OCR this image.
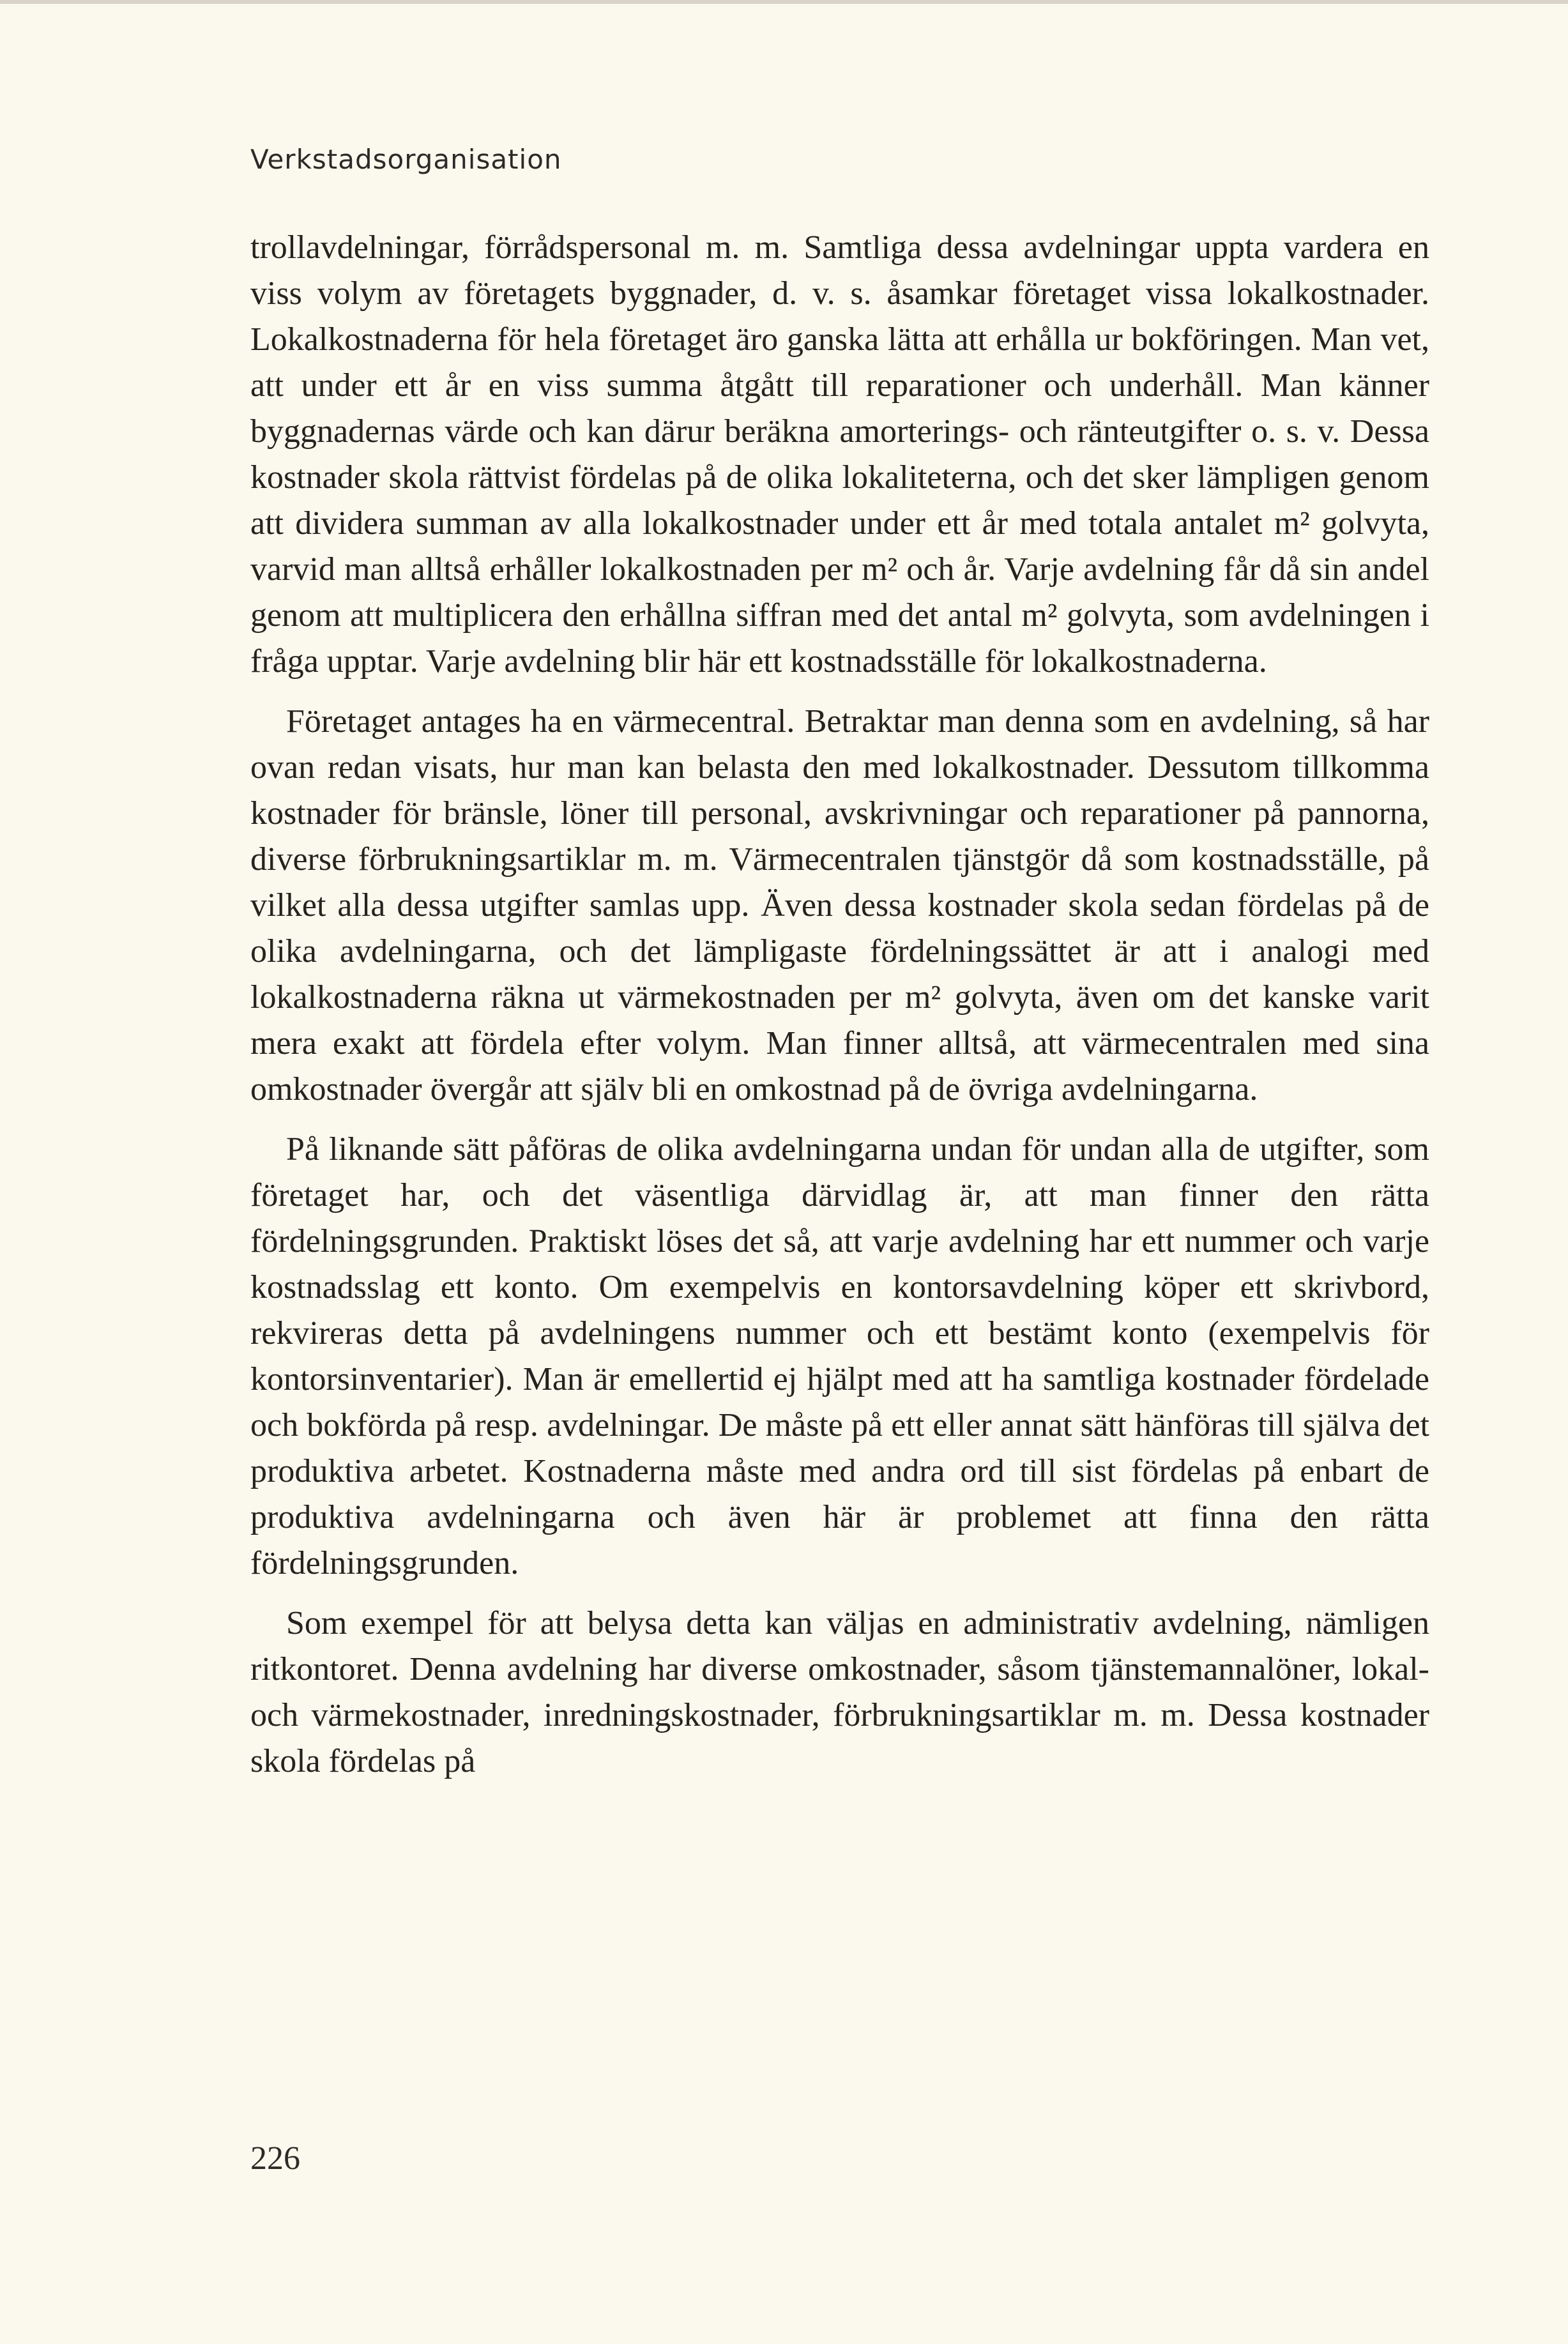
Verkstadsorganisation

trollavdelningar, förrådspersonal m. m. Samtliga dessa avdelningar uppta vardera en viss volym av företagets byggnader, d. v. s. åsamkar företaget vissa lokalkostnader. Lokalkostnaderna för hela företaget äro ganska lätta att erhålla ur bokföringen. Man vet, att under ett år en viss summa åtgått till reparationer och underhåll. Man känner byggnadernas värde och kan därur beräkna amorterings- och ränteutgifter o. s. v. Dessa kostnader skola rättvist fördelas på de olika lokaliteterna, och det sker lämpligen genom att dividera summan av alla lokalkostnader under ett år med totala antalet m² golvyta, varvid man alltså erhåller lokalkostnaden per m² och år. Varje avdelning får då sin andel genom att multiplicera den erhållna siffran med det antal m² golvyta, som avdelningen i fråga upptar. Varje avdelning blir här ett kostnadsställe för lokalkostnaderna.

Företaget antages ha en värmecentral. Betraktar man denna som en avdelning, så har ovan redan visats, hur man kan belasta den med lokalkostnader. Dessutom tillkomma kostnader för bränsle, löner till personal, avskrivningar och reparationer på pannorna, diverse förbrukningsartiklar m. m. Värmecentralen tjänstgör då som kostnadsställe, på vilket alla dessa utgifter samlas upp. Även dessa kostnader skola sedan fördelas på de olika avdelningarna, och det lämpligaste fördelningssättet är att i analogi med lokalkostnaderna räkna ut värmekostnaden per m² golvyta, även om det kanske varit mera exakt att fördela efter volym. Man finner alltså, att värmecentralen med sina omkostnader övergår att själv bli en omkostnad på de övriga avdelningarna.

På liknande sätt påföras de olika avdelningarna undan för undan alla de utgifter, som företaget har, och det väsentliga därvidlag är, att man finner den rätta fördelningsgrunden. Praktiskt löses det så, att varje avdelning har ett nummer och varje kostnadsslag ett konto. Om exempelvis en kontorsavdelning köper ett skrivbord, rekvireras detta på avdelningens nummer och ett bestämt konto (exempelvis för kontorsinventarier). Man är emellertid ej hjälpt med att ha samtliga kostnader fördelade och bokförda på resp. avdelningar. De måste på ett eller annat sätt hänföras till själva det produktiva arbetet. Kostnaderna måste med andra ord till sist fördelas på enbart de produktiva avdelningarna och även här är problemet att finna den rätta fördelningsgrunden.

Som exempel för att belysa detta kan väljas en administrativ avdelning, nämligen ritkontoret. Denna avdelning har diverse omkostnader, såsom tjänstemannalöner, lokal- och värmekostnader, inredningskostnader, förbrukningsartiklar m. m. Dessa kostnader skola fördelas på

226
